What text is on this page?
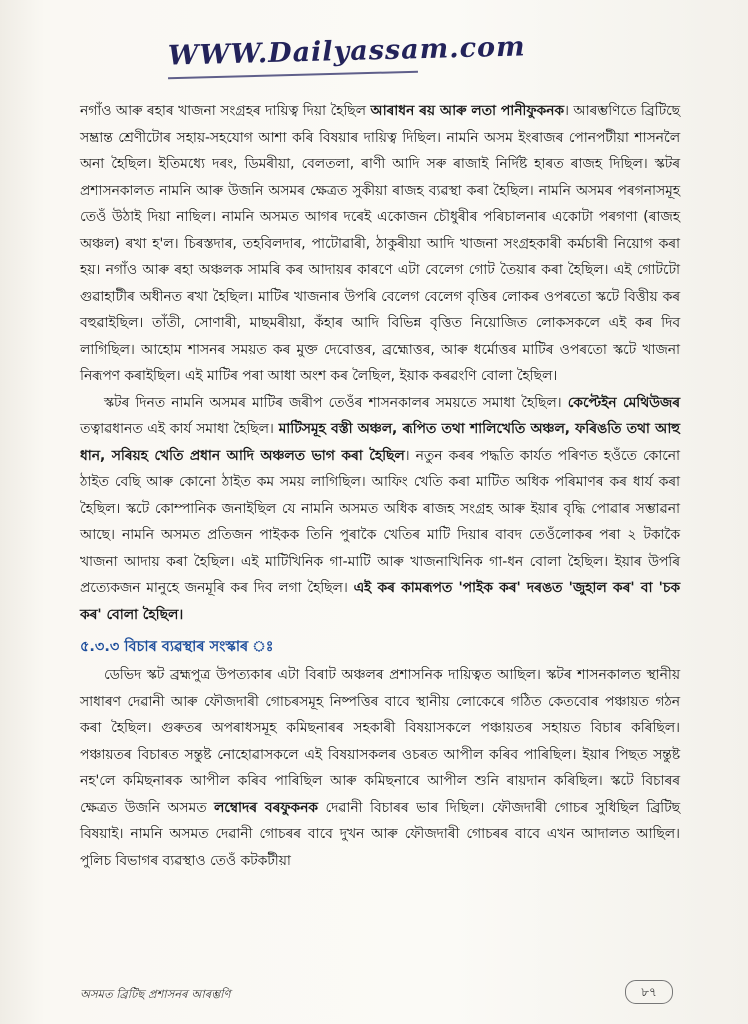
WWW.Dailyassam.com

নগাঁও আৰু ৰহাৰ খাজনা সংগ্ৰহৰ দায়িত্ব দিয়া হৈছিল আৰাধন ৰয় আৰু লতা পানীফুকনক। আৰম্ভণিতে ব্ৰিটিছে সম্ভ্ৰান্ত শ্ৰেণীটোৰ সহায়-সহযোগ আশা কৰি বিষয়াৰ দায়িত্ব দিছিল। নামনি অসম ইংৰাজৰ পোনপটীয়া শাসনলৈ অনা হৈছিল। ইতিমধ্যে দৰং, ডিমৰীয়া, বেলতলা, ৰাণী আদি সৰু ৰাজাই নিৰ্দিষ্ট হাৰত ৰাজহ দিছিল। স্কটৰ প্ৰশাসনকালত নামনি আৰু উজনি অসমৰ ক্ষেত্ৰত সুকীয়া ৰাজহ ব্যৱস্থা কৰা হৈছিল। নামনি অসমৰ পৰগনাসমূহ তেওঁ উঠাই দিয়া নাছিল। নামনি অসমত আগৰ দৰেই একোজন চৌধুৰীৰ পৰিচালনাৰ একোটা পৰগণা (ৰাজহ অঞ্চল) ৰখা হ'ল। চিৰস্তদাৰ, তহবিলদাৰ, পাটোৱাৰী, ঠাকুৰীয়া আদি খাজনা সংগ্ৰহকাৰী কৰ্মচাৰী নিয়োগ কৰা হয়। নগাঁও আৰু ৰহা অঞ্চলক সামৰি কৰ আদায়ৰ কাৰণে এটা বেলেগ গোট তৈয়াৰ কৰা হৈছিল। এই গোটটো গুৱাহাটীৰ অধীনত ৰখা হৈছিল। মাটিৰ খাজনাৰ উপৰি বেলেগ বেলেগ বৃত্তিৰ লোকৰ ওপৰতো স্কটে বিত্তীয় কৰ বহুৱাইছিল। তাঁতী, সোণাৰী, মাছমৰীয়া, কঁহাৰ আদি বিভিন্ন বৃত্তিত নিয়োজিত লোকসকলে এই কৰ দিব লাগিছিল। আহোম শাসনৰ সময়ত কৰ মুক্ত দেবোত্তৰ, ব্ৰহ্মোত্তৰ, আৰু ধৰ্মোত্তৰ মাটিৰ ওপৰতো স্কটে খাজনা নিৰূপণ কৰাইছিল। এই মাটিৰ পৰা আধা অংশ কৰ লৈছিল, ইয়াক কৰৱংণি বোলা হৈছিল।

স্কটৰ দিনত নামনি অসমৰ মাটিৰ জৰীপ তেওঁৰ শাসনকালৰ সময়তে সমাধা হৈছিল। কেপ্টেইন মেথিউজৰ তত্বাৱধানত এই কাৰ্য সমাধা হৈছিল। মাটিসমূহ বস্তী অঞ্চল, ৰূপিত তথা শালিখেতি অঞ্চল, ফৰিঙতি তথা আহু ধান, সৰিয়হ খেতি প্ৰধান আদি অঞ্চলত ভাগ কৰা হৈছিল। নতুন কৰৰ পদ্ধতি কাৰ্যত পৰিণত হওঁতে কোনো ঠাইত বেছি আৰু কোনো ঠাইত কম সময় লাগিছিল। আফিং খেতি কৰা মাটিত অধিক পৰিমাণৰ কৰ ধাৰ্য কৰা হৈছিল। স্কটে কোম্পানিক জনাইছিল যে নামনি অসমত অধিক ৰাজহ সংগ্ৰহ আৰু ইয়াৰ বৃদ্ধি পোৱাৰ সম্ভাৱনা আছে। নামনি অসমত প্ৰতিজন পাইকক তিনি পুৰাকৈ খেতিৰ মাটি দিয়াৰ বাবদ তেওঁলোকৰ পৰা ২ টকাকৈ খাজনা আদায় কৰা হৈছিল। এই মাটিখিনিক গা-মাটি আৰু খাজনাখিনিক গা-ধন বোলা হৈছিল। ইয়াৰ উপৰি প্ৰত্যেকজন মানুহে জনমূৰি কৰ দিব লগা হৈছিল। এই কৰ কামৰূপত 'পাইক কৰ' দৰঙত 'জুহাল কৰ' বা 'চক কৰ' বোলা হৈছিল।

৫.৩.৩ বিচাৰ ব্যৱস্থাৰ সংস্কাৰ ঃ

ডেভিদ স্কট ব্ৰহ্মপুত্ৰ উপত্যকাৰ এটা বিৰাট অঞ্চলৰ প্ৰশাসনিক দায়িত্বত আছিল। স্কটৰ শাসনকালত স্থানীয় সাধাৰণ দেৱানী আৰু ফৌজদাৰী গোচৰসমূহ নিষ্পত্তিৰ বাবে স্থানীয় লোকেৰে গঠিত কেতবোৰ পঞ্চায়ত গঠন কৰা হৈছিল। গুৰুতৰ অপৰাধসমূহ কমিছনাৰৰ সহকাৰী বিষয়াসকলে পঞ্চায়তৰ সহায়ত বিচাৰ কৰিছিল। পঞ্চায়তৰ বিচাৰত সন্তুষ্ট নোহোৱাসকলে এই বিষয়াসকলৰ ওচৰত আপীল কৰিব পাৰিছিল। ইয়াৰ পিছত সন্তুষ্ট নহ'লে কমিছনাৰক আপীল কৰিব পাৰিছিল আৰু কমিছনাৰে আপীল শুনি ৰায়দান কৰিছিল। স্কটে বিচাৰৰ ক্ষেত্ৰত উজনি অসমত লম্বোদৰ বৰফুকনক দেৱানী বিচাৰৰ ভাৰ দিছিল। ফৌজদাৰী গোচৰ সুধিছিল ব্ৰিটিছ বিষয়াই। নামনি অসমত দেৱানী গোচৰৰ বাবে দুখন আৰু ফৌজদাৰী গোচৰৰ বাবে এখন আদালত আছিল। পুলিচ বিভাগৰ ব্যৱস্থাও তেওঁ কটকটীয়া

অসমত ব্ৰিটিছ প্ৰশাসনৰ আৰম্ভণি	৮৭
